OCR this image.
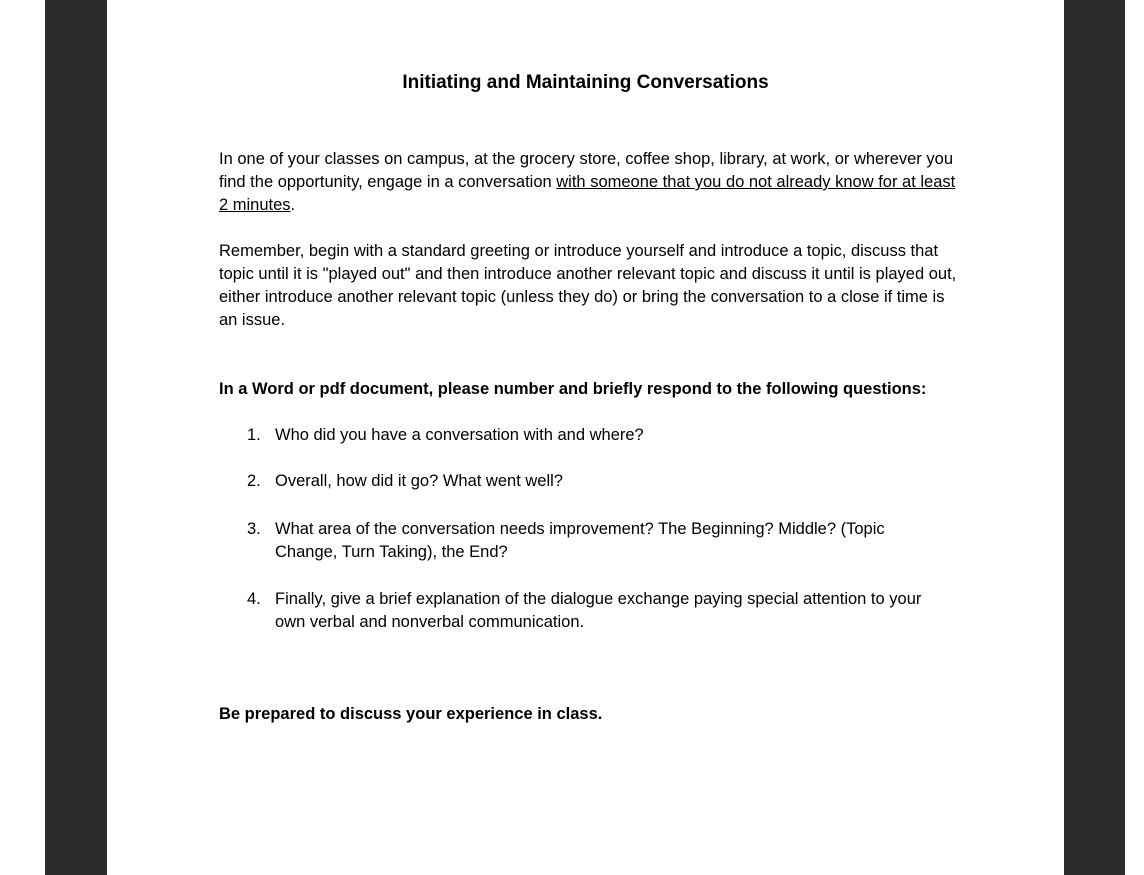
Initiating and Maintaining Conversations

In one of your classes on campus, at the grocery store, coffee shop, library, at work, or wherever you find the opportunity, engage in a conversation with someone that you do not already know for at least 2 minutes.

Remember, begin with a standard greeting or introduce yourself and introduce a topic, discuss that topic until it is "played out" and then introduce another relevant topic and discuss it until is played out, either introduce another relevant topic (unless they do) or bring the conversation to a close if time is an issue.

In a Word or pdf document, please number and briefly respond to the following questions:
1. Who did you have a conversation with and where?
2. Overall, how did it go? What went well?
3. What area of the conversation needs improvement? The Beginning? Middle? (Topic Change, Turn Taking), the End?
4. Finally, give a brief explanation of the dialogue exchange paying special attention to your own verbal and nonverbal communication.
Be prepared to discuss your experience in class.
